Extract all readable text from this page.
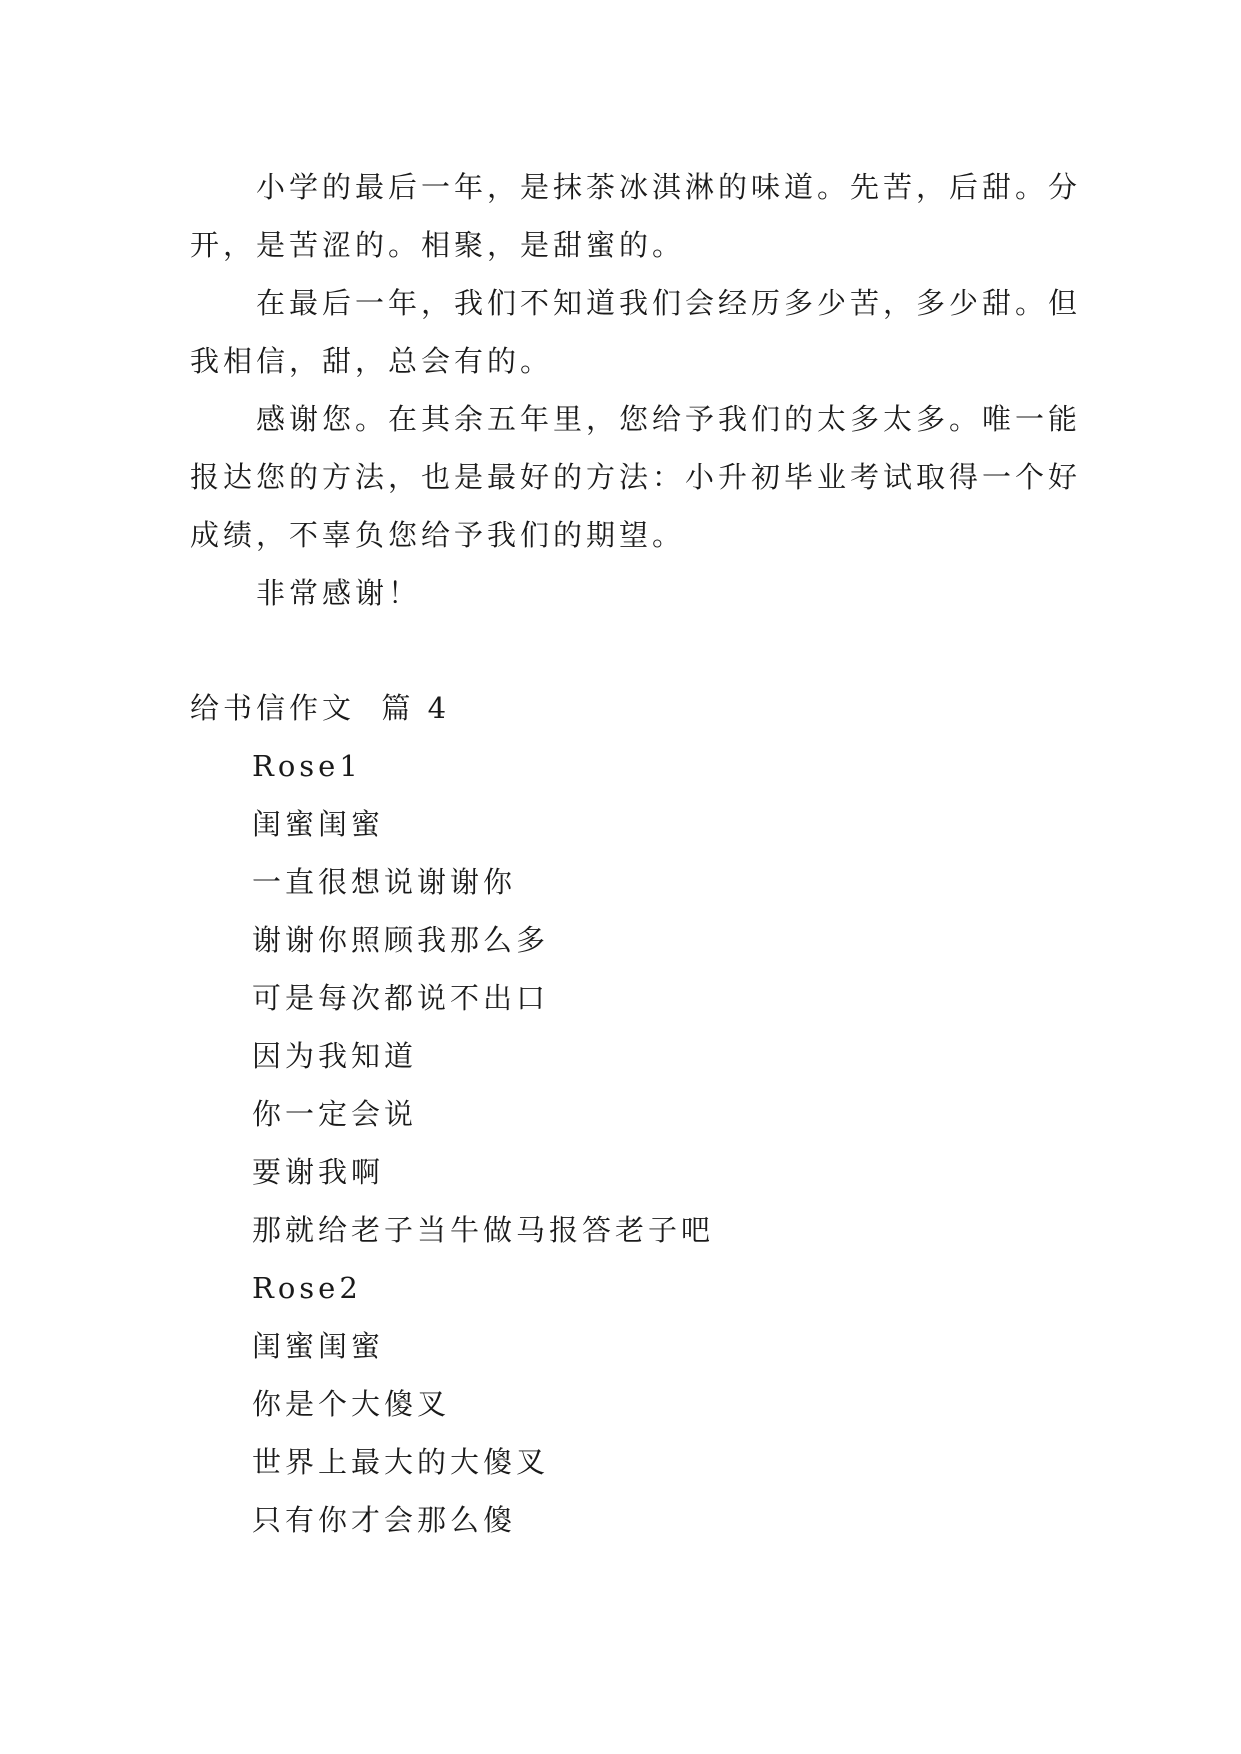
小学的最后一年，是抹茶冰淇淋的味道。先苦，后甜。分开，是苦涩的。相聚，是甜蜜的。

在最后一年，我们不知道我们会经历多少苦，多少甜。但我相信，甜，总会有的。

感谢您。在其余五年里，您给予我们的太多太多。唯一能报达您的方法，也是最好的方法：小升初毕业考试取得一个好成绩，不辜负您给予我们的期望。

非常感谢！

给书信作文  篇 4

Rose1

闺蜜闺蜜

一直很想说谢谢你

谢谢你照顾我那么多

可是每次都说不出口

因为我知道

你一定会说

要谢我啊

那就给老子当牛做马报答老子吧

Rose2

闺蜜闺蜜

你是个大傻叉

世界上最大的大傻叉

只有你才会那么傻
